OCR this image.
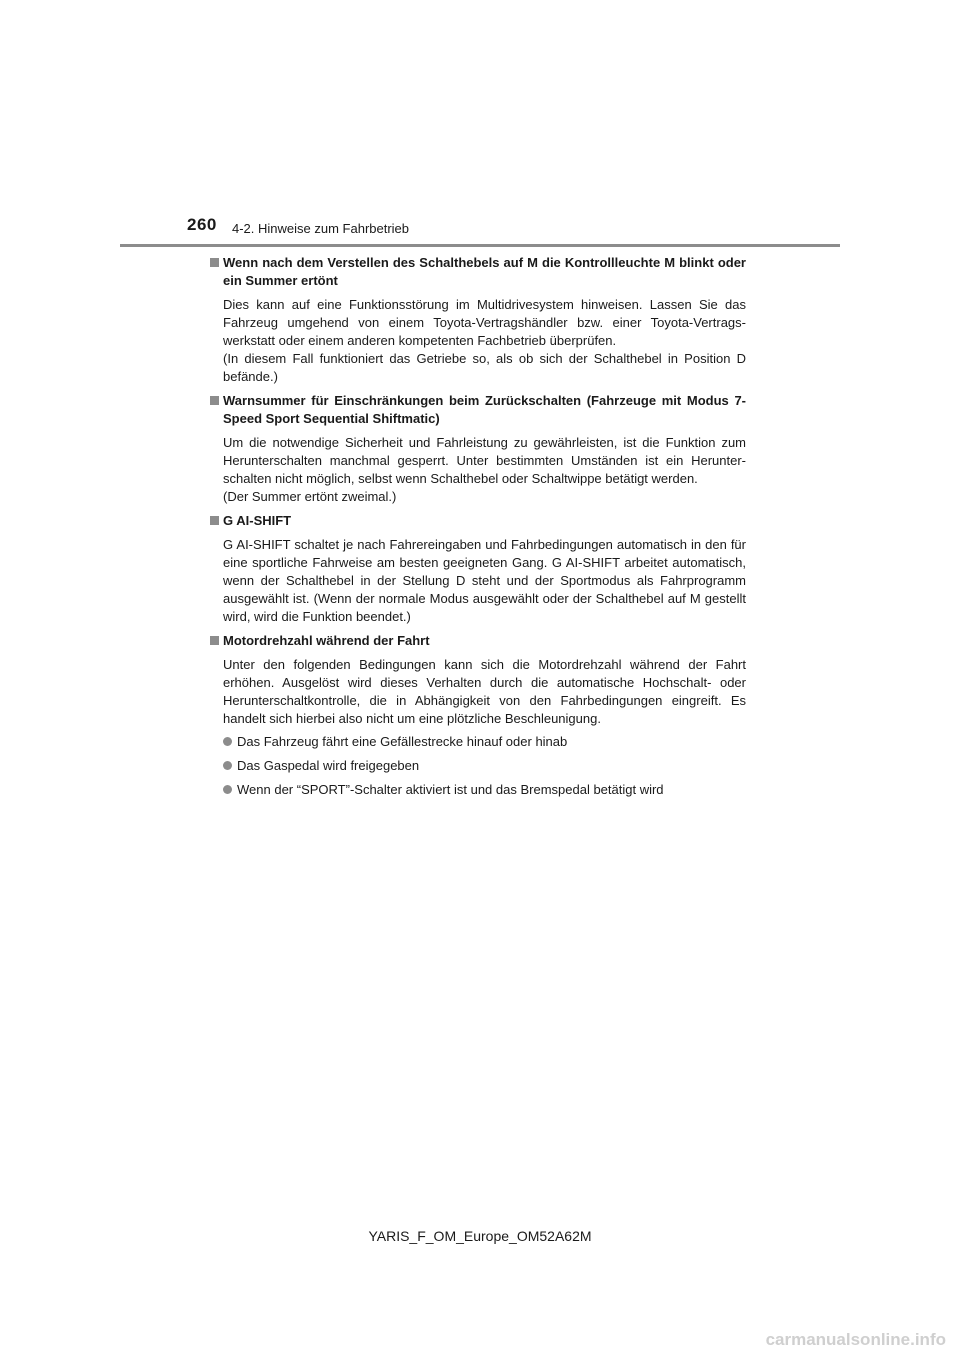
260 4-2. Hinweise zum Fahrbetrieb
Wenn nach dem Verstellen des Schalthebels auf M die Kontrollleuchte M blinkt oder ein Summer ertönt
Dies kann auf eine Funktionsstörung im Multidrivesystem hinweisen. Lassen Sie das Fahrzeug umgehend von einem Toyota-Vertragshändler bzw. einer Toyota-Vertrags- werkstatt oder einem anderen kompetenten Fachbetrieb überprüfen.
(In diesem Fall funktioniert das Getriebe so, als ob sich der Schalthebel in Position D befände.)
Warnsummer für Einschränkungen beim Zurückschalten (Fahrzeuge mit Modus 7-Speed Sport Sequential Shiftmatic)
Um die notwendige Sicherheit und Fahrleistung zu gewährleisten, ist die Funktion zum Herunterschalten manchmal gesperrt. Unter bestimmten Umständen ist ein Herunter- schalten nicht möglich, selbst wenn Schalthebel oder Schaltwippe betätigt werden.
(Der Summer ertönt zweimal.)
G AI-SHIFT
G AI-SHIFT schaltet je nach Fahrereingaben und Fahrbedingungen automatisch in den für eine sportliche Fahrweise am besten geeigneten Gang. G AI-SHIFT arbeitet automatisch, wenn der Schalthebel in der Stellung D steht und der Sportmodus als Fahrprogramm ausgewählt ist. (Wenn der normale Modus ausgewählt oder der Schalthebel auf M gestellt wird, wird die Funktion beendet.)
Motordrehzahl während der Fahrt
Unter den folgenden Bedingungen kann sich die Motordrehzahl während der Fahrt erhöhen. Ausgelöst wird dieses Verhalten durch die automatische Hochschalt- oder Herunterschaltkontrolle, die in Abhängigkeit von den Fahrbedingungen eingreift. Es handelt sich hierbei also nicht um eine plötzliche Beschleunigung.
Das Fahrzeug fährt eine Gefällestrecke hinauf oder hinab
Das Gaspedal wird freigegeben
Wenn der “SPORT”-Schalter aktiviert ist und das Bremspedal betätigt wird
YARIS_F_OM_Europe_OM52A62M
carmanualsonline.info
